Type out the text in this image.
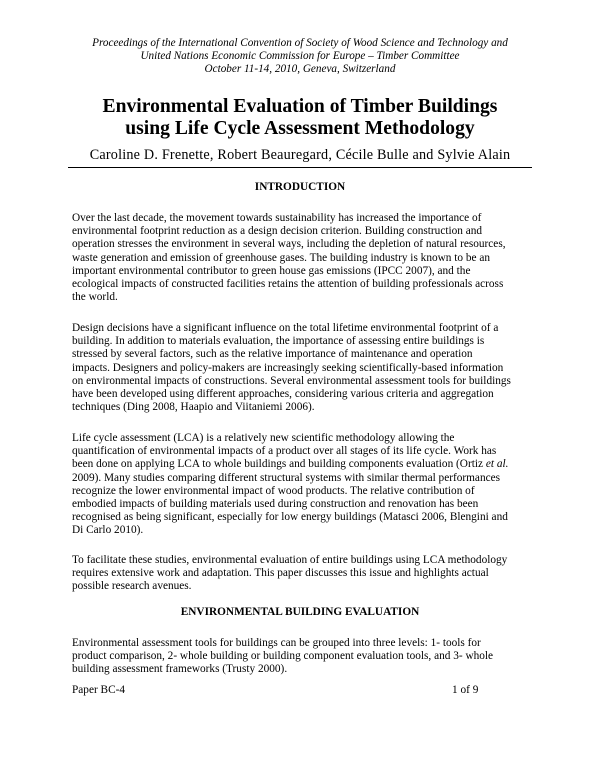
Proceedings of the International Convention of Society of Wood Science and Technology and
United Nations Economic Commission for Europe – Timber Committee
October 11-14, 2010, Geneva, Switzerland
Environmental Evaluation of Timber Buildings
using Life Cycle Assessment Methodology
Caroline D. Frenette, Robert Beauregard, Cécile Bulle and Sylvie Alain
INTRODUCTION
Over the last decade, the movement towards sustainability has increased the importance of
environmental footprint reduction as a design decision criterion. Building construction and
operation stresses the environment in several ways, including the depletion of natural resources,
waste generation and emission of greenhouse gases. The building industry is known to be an
important environmental contributor to green house gas emissions (IPCC 2007), and the
ecological impacts of constructed facilities retains the attention of building professionals across
the world.
Design decisions have a significant influence on the total lifetime environmental footprint of a
building. In addition to materials evaluation, the importance of assessing entire buildings is
stressed by several factors, such as the relative importance of maintenance and operation
impacts. Designers and policy-makers are increasingly seeking scientifically-based information
on environmental impacts of constructions. Several environmental assessment tools for buildings
have been developed using different approaches, considering various criteria and aggregation
techniques (Ding 2008, Haapio and Viitaniemi 2006).
Life cycle assessment (LCA) is a relatively new scientific methodology allowing the
quantification of environmental impacts of a product over all stages of its life cycle. Work has
been done on applying LCA to whole buildings and building components evaluation (Ortiz et al.
2009). Many studies comparing different structural systems with similar thermal performances
recognize the lower environmental impact of wood products. The relative contribution of
embodied impacts of building materials used during construction and renovation has been
recognised as being significant, especially for low energy buildings (Matasci 2006, Blengini and
Di Carlo 2010).
To facilitate these studies, environmental evaluation of entire buildings using LCA methodology
requires extensive work and adaptation. This paper discusses this issue and highlights actual
possible research avenues.
ENVIRONMENTAL BUILDING EVALUATION
Environmental assessment tools for buildings can be grouped into three levels: 1- tools for
product comparison, 2- whole building or building component evaluation tools, and 3- whole
building assessment frameworks (Trusty 2000).
Paper BC-4	1 of 9
